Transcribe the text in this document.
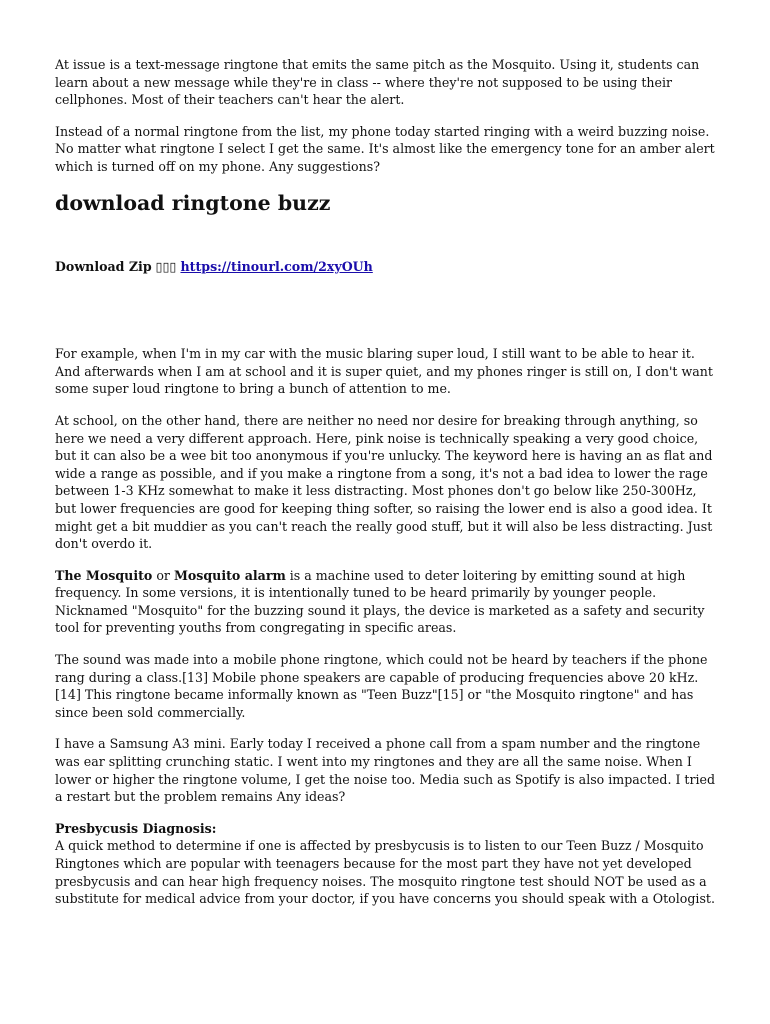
At issue is a text-message ringtone that emits the same pitch as the Mosquito. Using it, students can learn about a new message while they're in class -- where they're not supposed to be using their cellphones. Most of their teachers can't hear the alert.

Instead of a normal ringtone from the list, my phone today started ringing with a weird buzzing noise. No matter what ringtone I select I get the same. It's almost like the emergency tone for an amber alert which is turned off on my phone. Any suggestions?

download ringtone buzz
Download Zip ▯▯▯ https://tinourl.com/2xyOUh

For example, when I'm in my car with the music blaring super loud, I still want to be able to hear it. And afterwards when I am at school and it is super quiet, and my phones ringer is still on, I don't want some super loud ringtone to bring a bunch of attention to me.

At school, on the other hand, there are neither no need nor desire for breaking through anything, so here we need a very different approach. Here, pink noise is technically speaking a very good choice, but it can also be a wee bit too anonymous if you're unlucky. The keyword here is having an as flat and wide a range as possible, and if you make a ringtone from a song, it's not a bad idea to lower the rage between 1-3 KHz somewhat to make it less distracting. Most phones don't go below like 250-300Hz, but lower frequencies are good for keeping thing softer, so raising the lower end is also a good idea. It might get a bit muddier as you can't reach the really good stuff, but it will also be less distracting. Just don't overdo it.

The Mosquito or Mosquito alarm is a machine used to deter loitering by emitting sound at high frequency. In some versions, it is intentionally tuned to be heard primarily by younger people. Nicknamed "Mosquito" for the buzzing sound it plays, the device is marketed as a safety and security tool for preventing youths from congregating in specific areas.

The sound was made into a mobile phone ringtone, which could not be heard by teachers if the phone rang during a class.[13] Mobile phone speakers are capable of producing frequencies above 20 kHz.[14] This ringtone became informally known as "Teen Buzz"[15] or "the Mosquito ringtone" and has since been sold commercially.

I have a Samsung A3 mini. Early today I received a phone call from a spam number and the ringtone was ear splitting crunching static. I went into my ringtones and they are all the same noise. When I lower or higher the ringtone volume, I get the noise too. Media such as Spotify is also impacted. I tried a restart but the problem remains Any ideas?

Presbycusis Diagnosis:
A quick method to determine if one is affected by presbycusis is to listen to our Teen Buzz / Mosquito Ringtones which are popular with teenagers because for the most part they have not yet developed presbycusis and can hear high frequency noises. The mosquito ringtone test should NOT be used as a substitute for medical advice from your doctor, if you have concerns you should speak with a Otologist.
